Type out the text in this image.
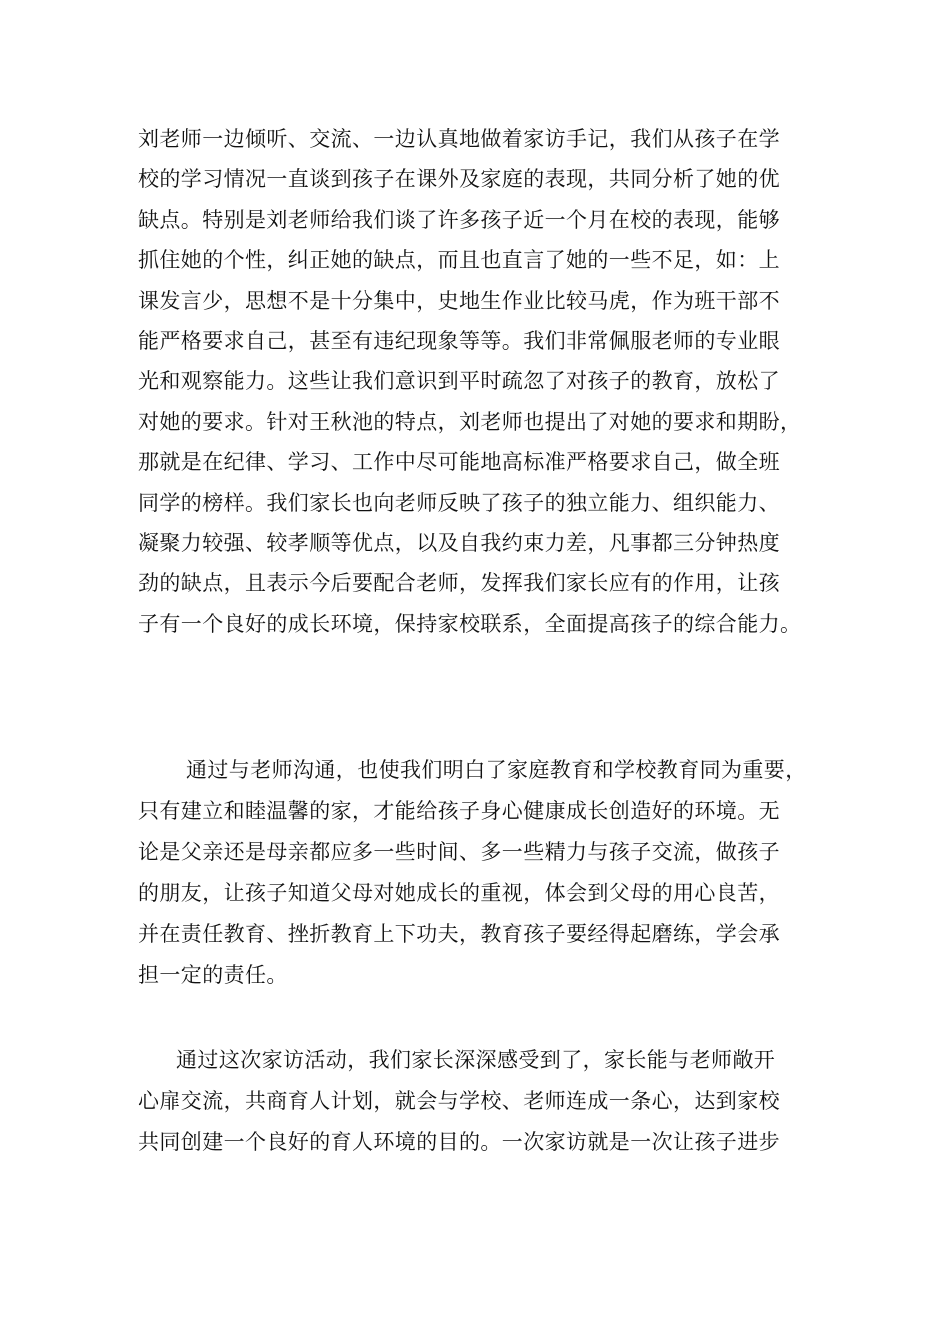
刘老师一边倾听、交流、一边认真地做着家访手记，我们从孩子在学

校的学习情况一直谈到孩子在课外及家庭的表现，共同分析了她的优

缺点。特别是刘老师给我们谈了许多孩子近一个月在校的表现，能够

抓住她的个性，纠正她的缺点，而且也直言了她的一些不足，如：上

课发言少，思想不是十分集中，史地生作业比较马虎，作为班干部不

能严格要求自己，甚至有违纪现象等等。我们非常佩服老师的专业眼

光和观察能力。这些让我们意识到平时疏忽了对孩子的教育，放松了

对她的要求。针对王秋池的特点，刘老师也提出了对她的要求和期盼，

那就是在纪律、学习、工作中尽可能地高标准严格要求自己，做全班

同学的榜样。我们家长也向老师反映了孩子的独立能力、组织能力、

凝聚力较强、较孝顺等优点，以及自我约束力差，凡事都三分钟热度

劲的缺点，且表示今后要配合老师，发挥我们家长应有的作用，让孩

子有一个良好的成长环境，保持家校联系，全面提高孩子的综合能力。

通过与老师沟通，也使我们明白了家庭教育和学校教育同为重要，

只有建立和睦温馨的家，才能给孩子身心健康成长创造好的环境。无

论是父亲还是母亲都应多一些时间、多一些精力与孩子交流，做孩子

的朋友，让孩子知道父母对她成长的重视，体会到父母的用心良苦，

并在责任教育、挫折教育上下功夫，教育孩子要经得起磨练，学会承

担一定的责任。

通过这次家访活动，我们家长深深感受到了，家长能与老师敞开

心扉交流，共商育人计划，就会与学校、老师连成一条心，达到家校

共同创建一个良好的育人环境的目的。一次家访就是一次让孩子进步
